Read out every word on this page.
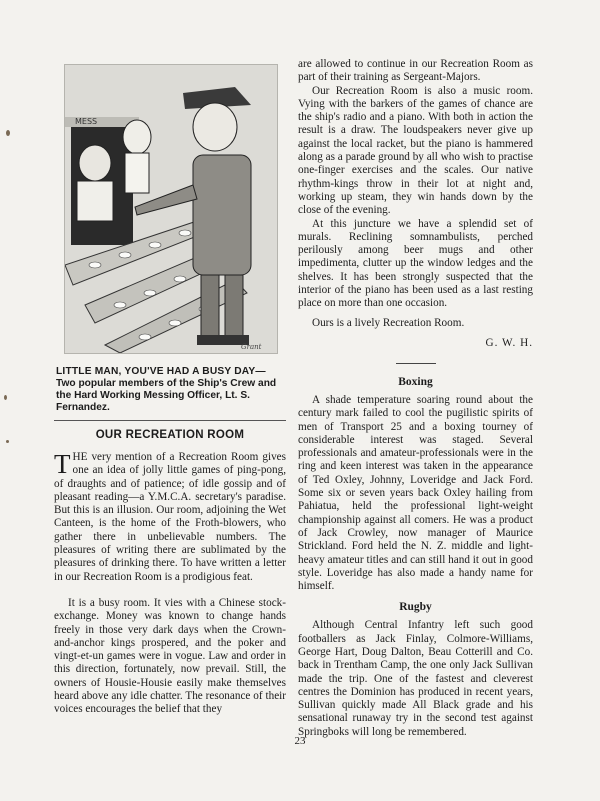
MESS
Grant
LITTLE MAN, YOU'VE HAD A BUSY DAY— Two popular members of the Ship's Crew and the Hard Working Messing Officer, Lt. S. Fernandez.
OUR RECREATION ROOM

THE very mention of a Recreation Room gives one an idea of jolly little games of ping-pong, of draughts and of patience; of idle gossip and of pleasant reading—a Y.M.C.A. secretary's paradise. But this is an illusion. Our room, adjoining the Wet Canteen, is the home of the Froth-blowers, who gather there in unbelievable numbers. The pleasures of writing there are sublimated by the pleasures of drinking there. To have written a letter in our Recreation Room is a prodigious feat.

It is a busy room. It vies with a Chinese stock-exchange. Money was known to change hands freely in those very dark days when the Crown-and-anchor kings prospered, and the poker and vingt-et-un games were in vogue. Law and order in this direction, fortunately, now prevail. Still, the owners of Housie-Housie easily make themselves heard above any idle chatter. The resonance of their voices encourages the belief that they

are allowed to continue in our Recreation Room as part of their training as Sergeant-Majors.

Our Recreation Room is also a music room. Vying with the barkers of the games of chance are the ship's radio and a piano. With both in action the result is a draw. The loudspeakers never give up against the local racket, but the piano is hammered along as a parade ground by all who wish to practise one-finger exercises and the scales. Our native rhythm-kings throw in their lot at night and, working up steam, they win hands down by the close of the evening.

At this juncture we have a splendid set of murals. Reclining somnambulists, perched perilously among beer mugs and other impedimenta, clutter up the window ledges and the shelves. It has been strongly suspected that the interior of the piano has been used as a last resting place on more than one occasion.

Ours is a lively Recreation Room.

G. W. H.
Boxing

A shade temperature soaring round about the century mark failed to cool the pugilistic spirits of men of Transport 25 and a boxing tourney of considerable interest was staged. Several professionals and amateur-professionals were in the ring and keen interest was taken in the appearance of Ted Oxley, Johnny, Loveridge and Jack Ford. Some six or seven years back Oxley hailing from Pahiatua, held the professional light-weight championship against all comers. He was a product of Jack Crowley, now manager of Maurice Strickland. Ford held the N. Z. middle and light-heavy amateur titles and can still hand it out in good style. Loveridge has also made a handy name for himself.

Rugby

Although Central Infantry left such good footballers as Jack Finlay, Colmore-Williams, George Hart, Doug Dalton, Beau Cotterill and Co. back in Trentham Camp, the one only Jack Sullivan made the trip. One of the fastest and cleverest centres the Dominion has produced in recent years, Sullivan quickly made All Black grade and his sensational runaway try in the second test against Springboks will long be remembered.

23
